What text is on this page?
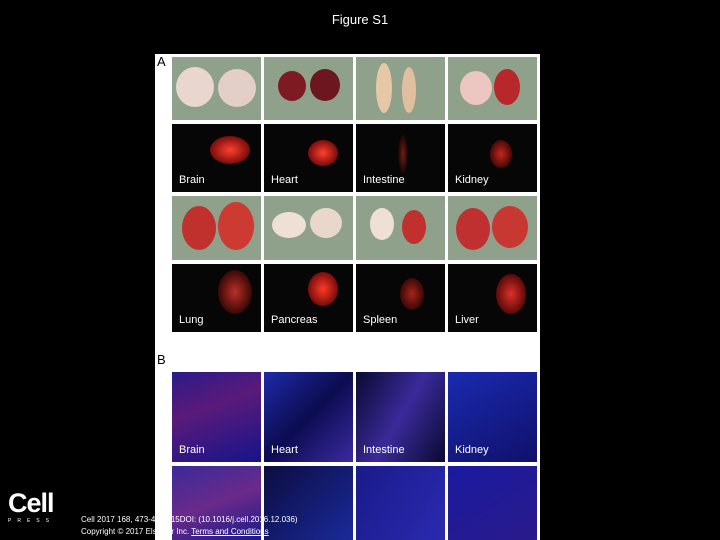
Figure S1
A
B
Brain	Heart	Intestine	Kidney
Lung	Pancreas	Spleen	Liver
Brain	Heart	Intestine	Kidney
Cell
PRESS	Cell 2017 168, 473-486.e15DOI: (10.1016/j.cell.2016.12.036)
Copyright © 2017 Elsevier Inc. Terms and Conditions
